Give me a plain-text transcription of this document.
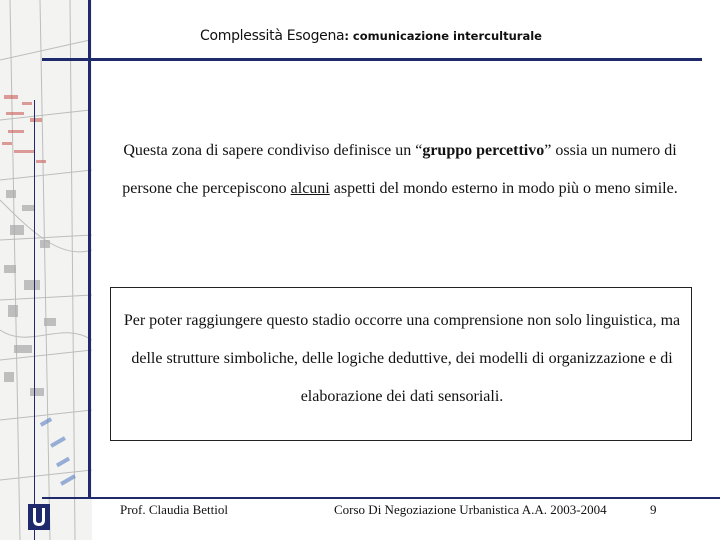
Complessità Esogena: comunicazione interculturale
Questa zona di sapere condiviso definisce un “gruppo percettivo” ossia un numero di persone che percepiscono alcuni aspetti del mondo esterno in modo più o meno simile.
Per poter raggiungere questo stadio occorre una comprensione non solo linguistica, ma delle strutture simboliche, delle logiche deduttive, dei modelli di organizzazione e di elaborazione dei dati sensoriali.
Prof. Claudia Bettiol	Corso Di Negoziazione Urbanistica A.A. 2003-2004	9
